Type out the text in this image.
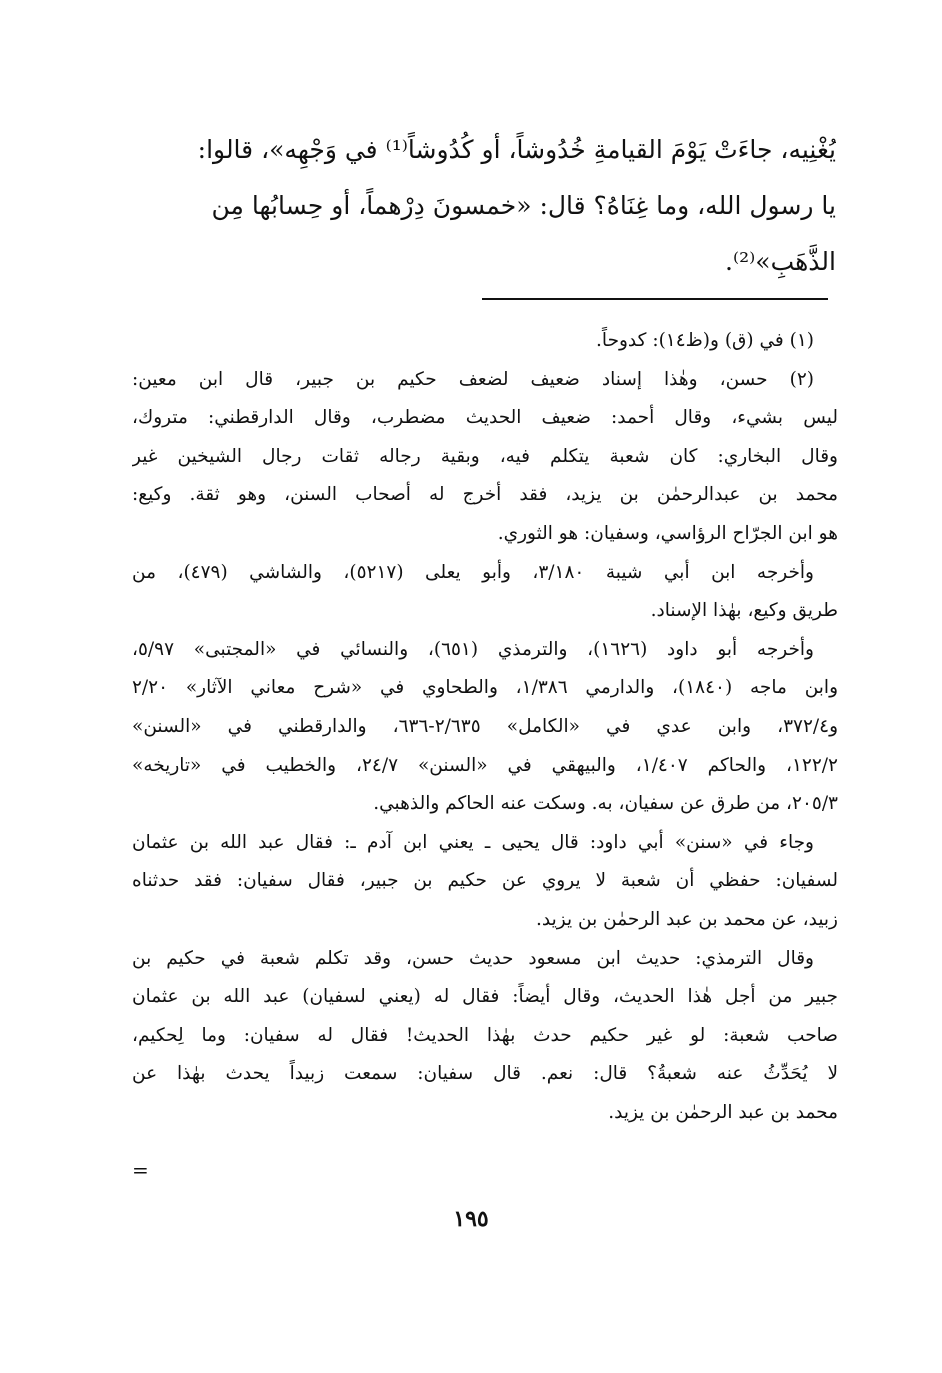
يُغْنِيه، جاءَتْ يَوْمَ القيامةِ خُدُوشاً، أو كُدُوشاً⁽¹⁾ في وَجْهِه»، قالوا:
يا رسول الله، وما غِنَاهُ؟ قال: «خمسونَ دِرْهماً، أو حِسابُها مِن
الذَّهَبِ»⁽²⁾.
(١) في (ق) و(ظ١٤): كدوحاً.
(٢) حسن، وهٰذا إسناد ضعيف لضعف حكيم بن جبير، قال ابن معين:
ليس بشيء، وقال أحمد: ضعيف الحديث مضطرب، وقال الدارقطني: متروك،
وقال البخاري: كان شعبة يتكلم فيه، وبقية رجاله ثقات رجال الشيخين غير
محمد بن عبدالرحمٰن بن يزيد، فقد أخرج له أصحاب السنن، وهو ثقة. وكيع:
هو ابن الجرّاح الرؤاسي، وسفيان: هو الثوري.
وأخرجه ابن أبي شيبة ٣/١٨٠، وأبو يعلى (٥٢١٧)، والشاشي (٤٧٩)، من
طريق وكيع، بهٰذا الإسناد.
وأخرجه أبو داود (١٦٢٦)، والترمذي (٦٥١)، والنسائي في «المجتبى» ٥/٩٧،
وابن ماجه (١٨٤٠)، والدارمي ١/٣٨٦، والطحاوي في «شرح معاني الآثار» ٢/٢٠
و٣٧٢/٤، وابن عدي في «الكامل» ٢/٦٣٥-٦٣٦، والدارقطني في «السنن»
١٢٢/٢، والحاكم ١/٤٠٧، والبيهقي في «السنن» ٢٤/٧، والخطيب في «تاريخه»
٢٠٥/٣، من طرق عن سفيان، به. وسكت عنه الحاكم والذهبي.
وجاء في «سنن» أبي داود: قال يحيى ـ يعني ابن آدم ـ: فقال عبد الله بن عثمان
لسفيان: حفظي أن شعبة لا يروي عن حكيم بن جبير، فقال سفيان: فقد حدثناه
زبيد، عن محمد بن عبد الرحمٰن بن يزيد.
وقال الترمذي: حديث ابن مسعود حديث حسن، وقد تكلم شعبة في حكيم بن
جبير من أجل هٰذا الحديث، وقال أيضاً: فقال له (يعني لسفيان) عبد الله بن عثمان
صاحب شعبة: لو غير حكيم حدث بهٰذا الحديث! فقال له سفيان: وما لِحكيم،
لا يُحَدِّثُ عنه شعبةُ؟ قال: نعم. قال سفيان: سمعت زبيداً يحدث بهٰذا عن
محمد بن عبد الرحمٰن بن يزيد.
=
١٩٥
